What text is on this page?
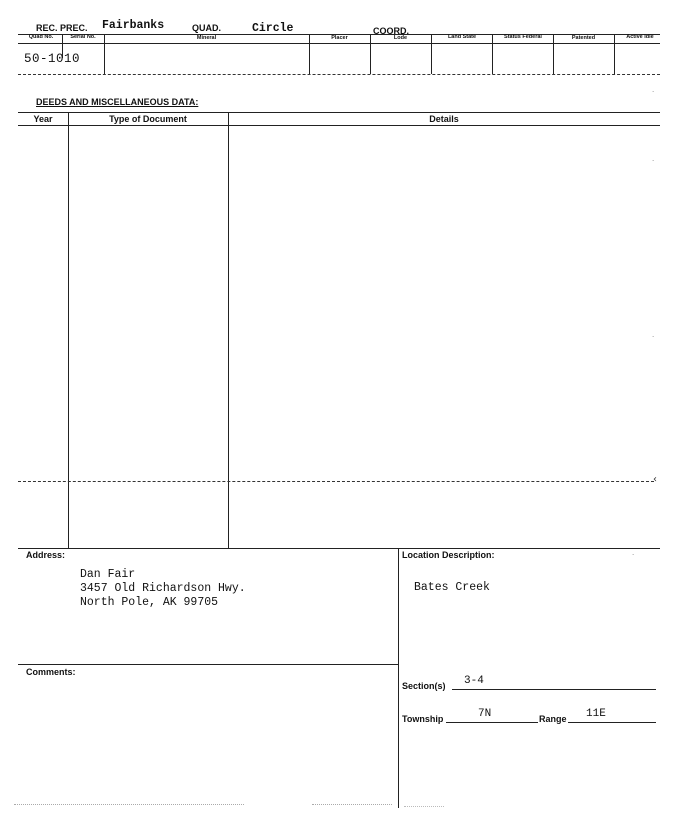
REC. PREC. Fairbanks	QUAD.	Circle	COORD.
Quad No.	Serial No.	Mineral	Placer	Lode	Land State	Status Federal	Patented	Active Idle
50-1010
DEEDS AND MISCELLANEOUS DATA:
Year	Type of Document	Details
Address:
Dan Fair
3457 Old Richardson Hwy.
North Pole, AK 99705
Location Description:
Bates Creek
Comments:
Section(s) 3-4
Township	7N	Range 11E
‹
·
·
·
·
